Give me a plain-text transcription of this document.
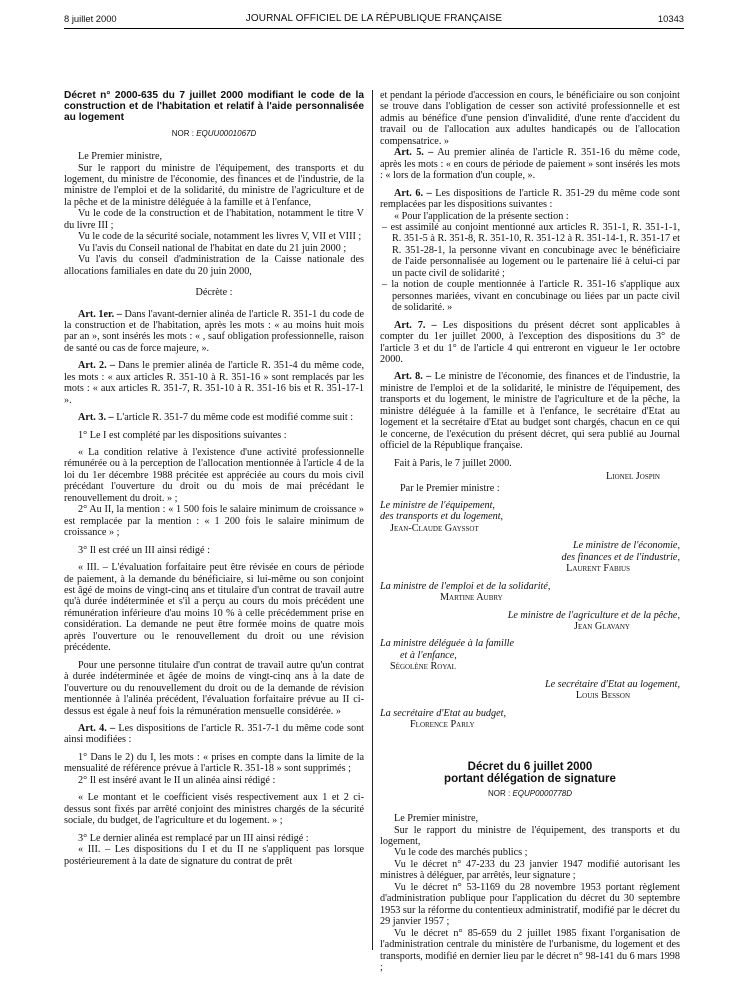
8 juillet 2000	JOURNAL OFFICIEL DE LA RÉPUBLIQUE FRANÇAISE	10343

Décret n° 2000-635 du 7 juillet 2000 modifiant le code de la construction et de l'habitation et relatif à l'aide personnalisée au logement

NOR : EQUU0001067D

Le Premier ministre,

Sur le rapport du ministre de l'équipement, des transports et du logement, du ministre de l'économie, des finances et de l'industrie, de la ministre de l'emploi et de la solidarité, du ministre de l'agriculture et de la pêche et de la ministre déléguée à la famille et à l'enfance,

Vu le code de la construction et de l'habitation, notamment le titre V du livre III ;

Vu le code de la sécurité sociale, notamment les livres V, VII et VIII ;

Vu l'avis du Conseil national de l'habitat en date du 21 juin 2000 ;

Vu l'avis du conseil d'administration de la Caisse nationale des allocations familiales en date du 20 juin 2000,

Décrète :

Art. 1er. – Dans l'avant-dernier alinéa de l'article R. 351-1 du code de la construction et de l'habitation, après les mots : « au moins huit mois par an », sont insérés les mots : « , sauf obligation professionnelle, raison de santé ou cas de force majeure, ».

Art. 2. – Dans le premier alinéa de l'article R. 351-4 du même code, les mots : « aux articles R. 351-10 à R. 351-16 » sont remplacés par les mots : « aux articles R. 351-7, R. 351-10 à R. 351-16 bis et R. 351-17-1 ».

Art. 3. – L'article R. 351-7 du même code est modifié comme suit :

1° Le I est complété par les dispositions suivantes :

« La condition relative à l'existence d'une activité professionnelle rémunérée ou à la perception de l'allocation mentionnée à l'article 4 de la loi du 1er décembre 1988 précitée est appréciée au cours du mois civil précédant l'ouverture du droit ou du mois de mai précédant le renouvellement du droit. » ;

2° Au II, la mention : « 1 500 fois le salaire minimum de croissance » est remplacée par la mention : « 1 200 fois le salaire minimum de croissance » ;

3° Il est créé un III ainsi rédigé :

« III. – L'évaluation forfaitaire peut être révisée en cours de période de paiement, à la demande du bénéficiaire, si lui-même ou son conjoint est âgé de moins de vingt-cinq ans et titulaire d'un contrat de travail autre qu'à durée indéterminée et s'il a perçu au cours du mois précédent une rémunération inférieure d'au moins 10 % à celle précédemment prise en considération. La demande ne peut être formée moins de quatre mois après l'ouverture ou le renouvellement du droit ou une révision précédente.

Pour une personne titulaire d'un contrat de travail autre qu'un contrat à durée indéterminée et âgée de moins de vingt-cinq ans à la date de l'ouverture ou du renouvellement du droit ou de la demande de révision mentionnée à l'alinéa précédent, l'évaluation forfaitaire prévue au II ci-dessus est égale à neuf fois la rémunération mensuelle considérée. »

Art. 4. – Les dispositions de l'article R. 351-7-1 du même code sont ainsi modifiées :

1° Dans le 2) du I, les mots : « prises en compte dans la limite de la mensualité de référence prévue à l'article R. 351-18 » sont supprimés ;

2° Il est inséré avant le II un alinéa ainsi rédigé :

« Le montant et le coefficient visés respectivement aux 1 et 2 ci-dessus sont fixés par arrêté conjoint des ministres chargés de la sécurité sociale, du budget, de l'agriculture et du logement. » ;

3° Le dernier alinéa est remplacé par un III ainsi rédigé :

« III. – Les dispositions du I et du II ne s'appliquent pas lorsque postérieurement à la date de signature du contrat de prêt

et pendant la période d'accession en cours, le bénéficiaire ou son conjoint se trouve dans l'obligation de cesser son activité professionnelle et est admis au bénéfice d'une pension d'invalidité, d'une rente d'accident du travail ou de l'allocation aux adultes handicapés ou de l'allocation compensatrice. »

Art. 5. – Au premier alinéa de l'article R. 351-16 du même code, après les mots : « en cours de période de paiement » sont insérés les mots : « lors de la formation d'un couple, ».

Art. 6. – Les dispositions de l'article R. 351-29 du même code sont remplacées par les dispositions suivantes :

« Pour l'application de la présente section :

– est assimilé au conjoint mentionné aux articles R. 351-1, R. 351-1-1, R. 351-5 à R. 351-8, R. 351-10, R. 351-12 à R. 351-14-1, R. 351-17 et R. 351-28-1, la personne vivant en concubinage avec le bénéficiaire de l'aide personnalisée au logement ou le partenaire lié à celui-ci par un pacte civil de solidarité ;

– la notion de couple mentionnée à l'article R. 351-16 s'applique aux personnes mariées, vivant en concubinage ou liées par un pacte civil de solidarité. »

Art. 7. – Les dispositions du présent décret sont applicables à compter du 1er juillet 2000, à l'exception des dispositions du 3° de l'article 3 et du 1° de l'article 4 qui entreront en vigueur le 1er octobre 2000.

Art. 8. – Le ministre de l'économie, des finances et de l'industrie, la ministre de l'emploi et de la solidarité, le ministre de l'équipement, des transports et du logement, le ministre de l'agriculture et de la pêche, la ministre déléguée à la famille et à l'enfance, le secrétaire d'Etat au logement et la secrétaire d'Etat au budget sont chargés, chacun en ce qui le concerne, de l'exécution du présent décret, qui sera publié au Journal officiel de la République française.

Fait à Paris, le 7 juillet 2000.

Lionel Jospin
Par le Premier ministre :
Le ministre de l'équipement,
des transports et du logement,
Jean-Claude Gayssot
Le ministre de l'économie,
des finances et de l'industrie,
Laurent Fabius
La ministre de l'emploi et de la solidarité,
Martine Aubry
Le ministre de l'agriculture et de la pêche,
Jean Glavany
La ministre déléguée à la famille
et à l'enfance,
Ségolène Royal
Le secrétaire d'Etat au logement,
Louis Besson
La secrétaire d'Etat au budget,
Florence Parly

Décret du 6 juillet 2000

portant délégation de signature

NOR : EQUP0000778D

Le Premier ministre,

Sur le rapport du ministre de l'équipement, des transports et du logement,

Vu le code des marchés publics ;

Vu le décret n° 47-233 du 23 janvier 1947 modifié autorisant les ministres à déléguer, par arrêtés, leur signature ;

Vu le décret n° 53-1169 du 28 novembre 1953 portant règlement d'administration publique pour l'application du décret du 30 septembre 1953 sur la réforme du contentieux administratif, modifié par le décret du 29 janvier 1957 ;

Vu le décret n° 85-659 du 2 juillet 1985 fixant l'organisation de l'administration centrale du ministère de l'urbanisme, du logement et des transports, modifié en dernier lieu par le décret n° 98-141 du 6 mars 1998 ;
